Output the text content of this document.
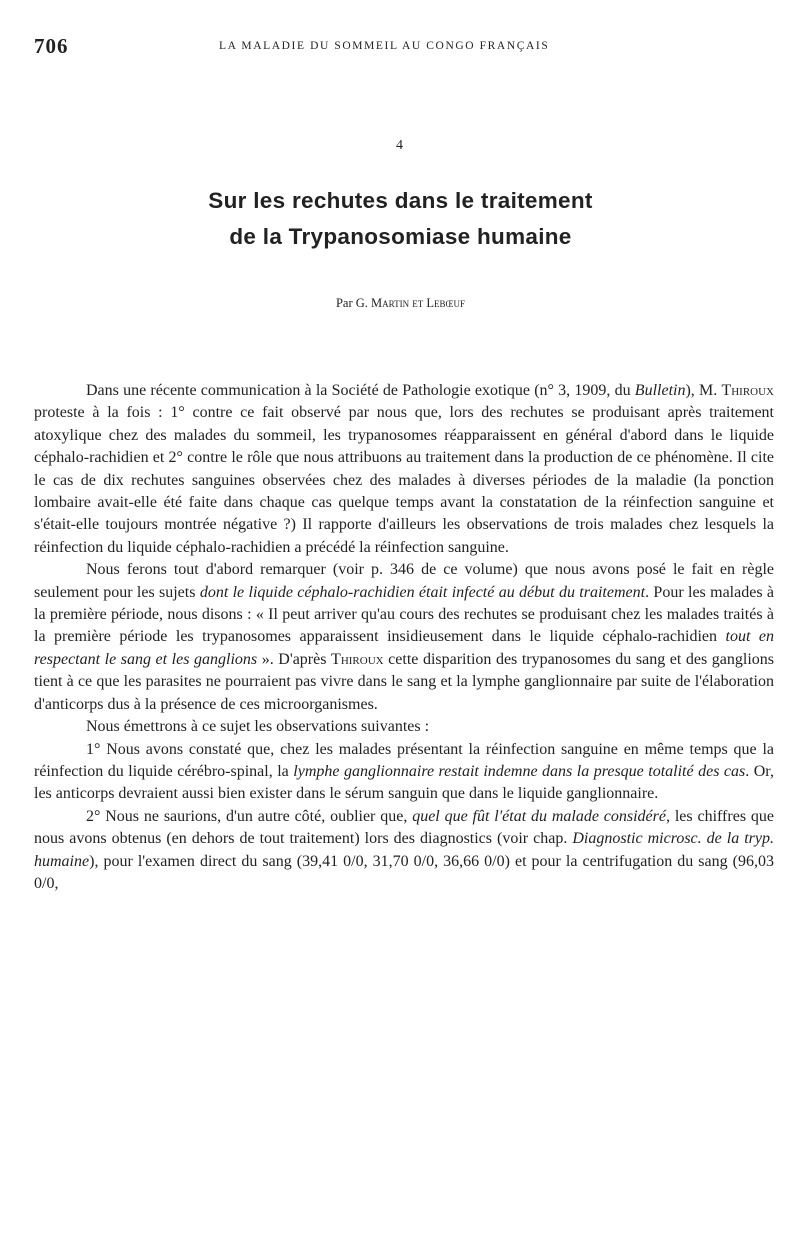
706	LA MALADIE DU SOMMEIL AU CONGO FRANÇAIS
4
Sur les rechutes dans le traitement
de la Trypanosomiase humaine
Par G. Martin et Lebœuf

Dans une récente communication à la Société de Pathologie exotique (n° 3, 1909, du Bulletin), M. Thiroux proteste à la fois : 1° contre ce fait observé par nous que, lors des rechutes se produisant après traitement atoxylique chez des malades du sommeil, les trypanosomes réapparaissent en général d'abord dans le liquide céphalo-rachidien et 2° contre le rôle que nous attribuons au traitement dans la production de ce phénomène. Il cite le cas de dix rechutes sanguines observées chez des malades à diverses périodes de la maladie (la ponction lombaire avait-elle été faite dans chaque cas quelque temps avant la constatation de la réinfection sanguine et s'était-elle toujours montrée négative ?) Il rapporte d'ailleurs les observations de trois malades chez lesquels la réinfection du liquide céphalo-rachidien a précédé la réinfection sanguine.

Nous ferons tout d'abord remarquer (voir p. 346 de ce volume) que nous avons posé le fait en règle seulement pour les sujets dont le liquide céphalo-rachidien était infecté au début du traitement. Pour les malades à la première période, nous disons : « Il peut arriver qu'au cours des rechutes se produisant chez les malades traités à la première période les trypanosomes apparaissent insidieusement dans le liquide céphalo-rachidien tout en respectant le sang et les ganglions ». D'après Thiroux cette disparition des trypanosomes du sang et des ganglions tient à ce que les parasites ne pourraient pas vivre dans le sang et la lymphe ganglionnaire par suite de l'élaboration d'anticorps dus à la présence de ces microorganismes.

Nous émettrons à ce sujet les observations suivantes :

1° Nous avons constaté que, chez les malades présentant la réinfection sanguine en même temps que la réinfection du liquide cérébro-spinal, la lymphe ganglionnaire restait indemne dans la presque totalité des cas. Or, les anticorps devraient aussi bien exister dans le sérum sanguin que dans le liquide ganglionnaire.

2° Nous ne saurions, d'un autre côté, oublier que, quel que fût l'état du malade considéré, les chiffres que nous avons obtenus (en dehors de tout traitement) lors des diagnostics (voir chap. Diagnostic microsc. de la tryp. humaine), pour l'examen direct du sang (39,41 0/0, 31,70 0/0, 36,66 0/0) et pour la centrifugation du sang (96,03 0/0,
